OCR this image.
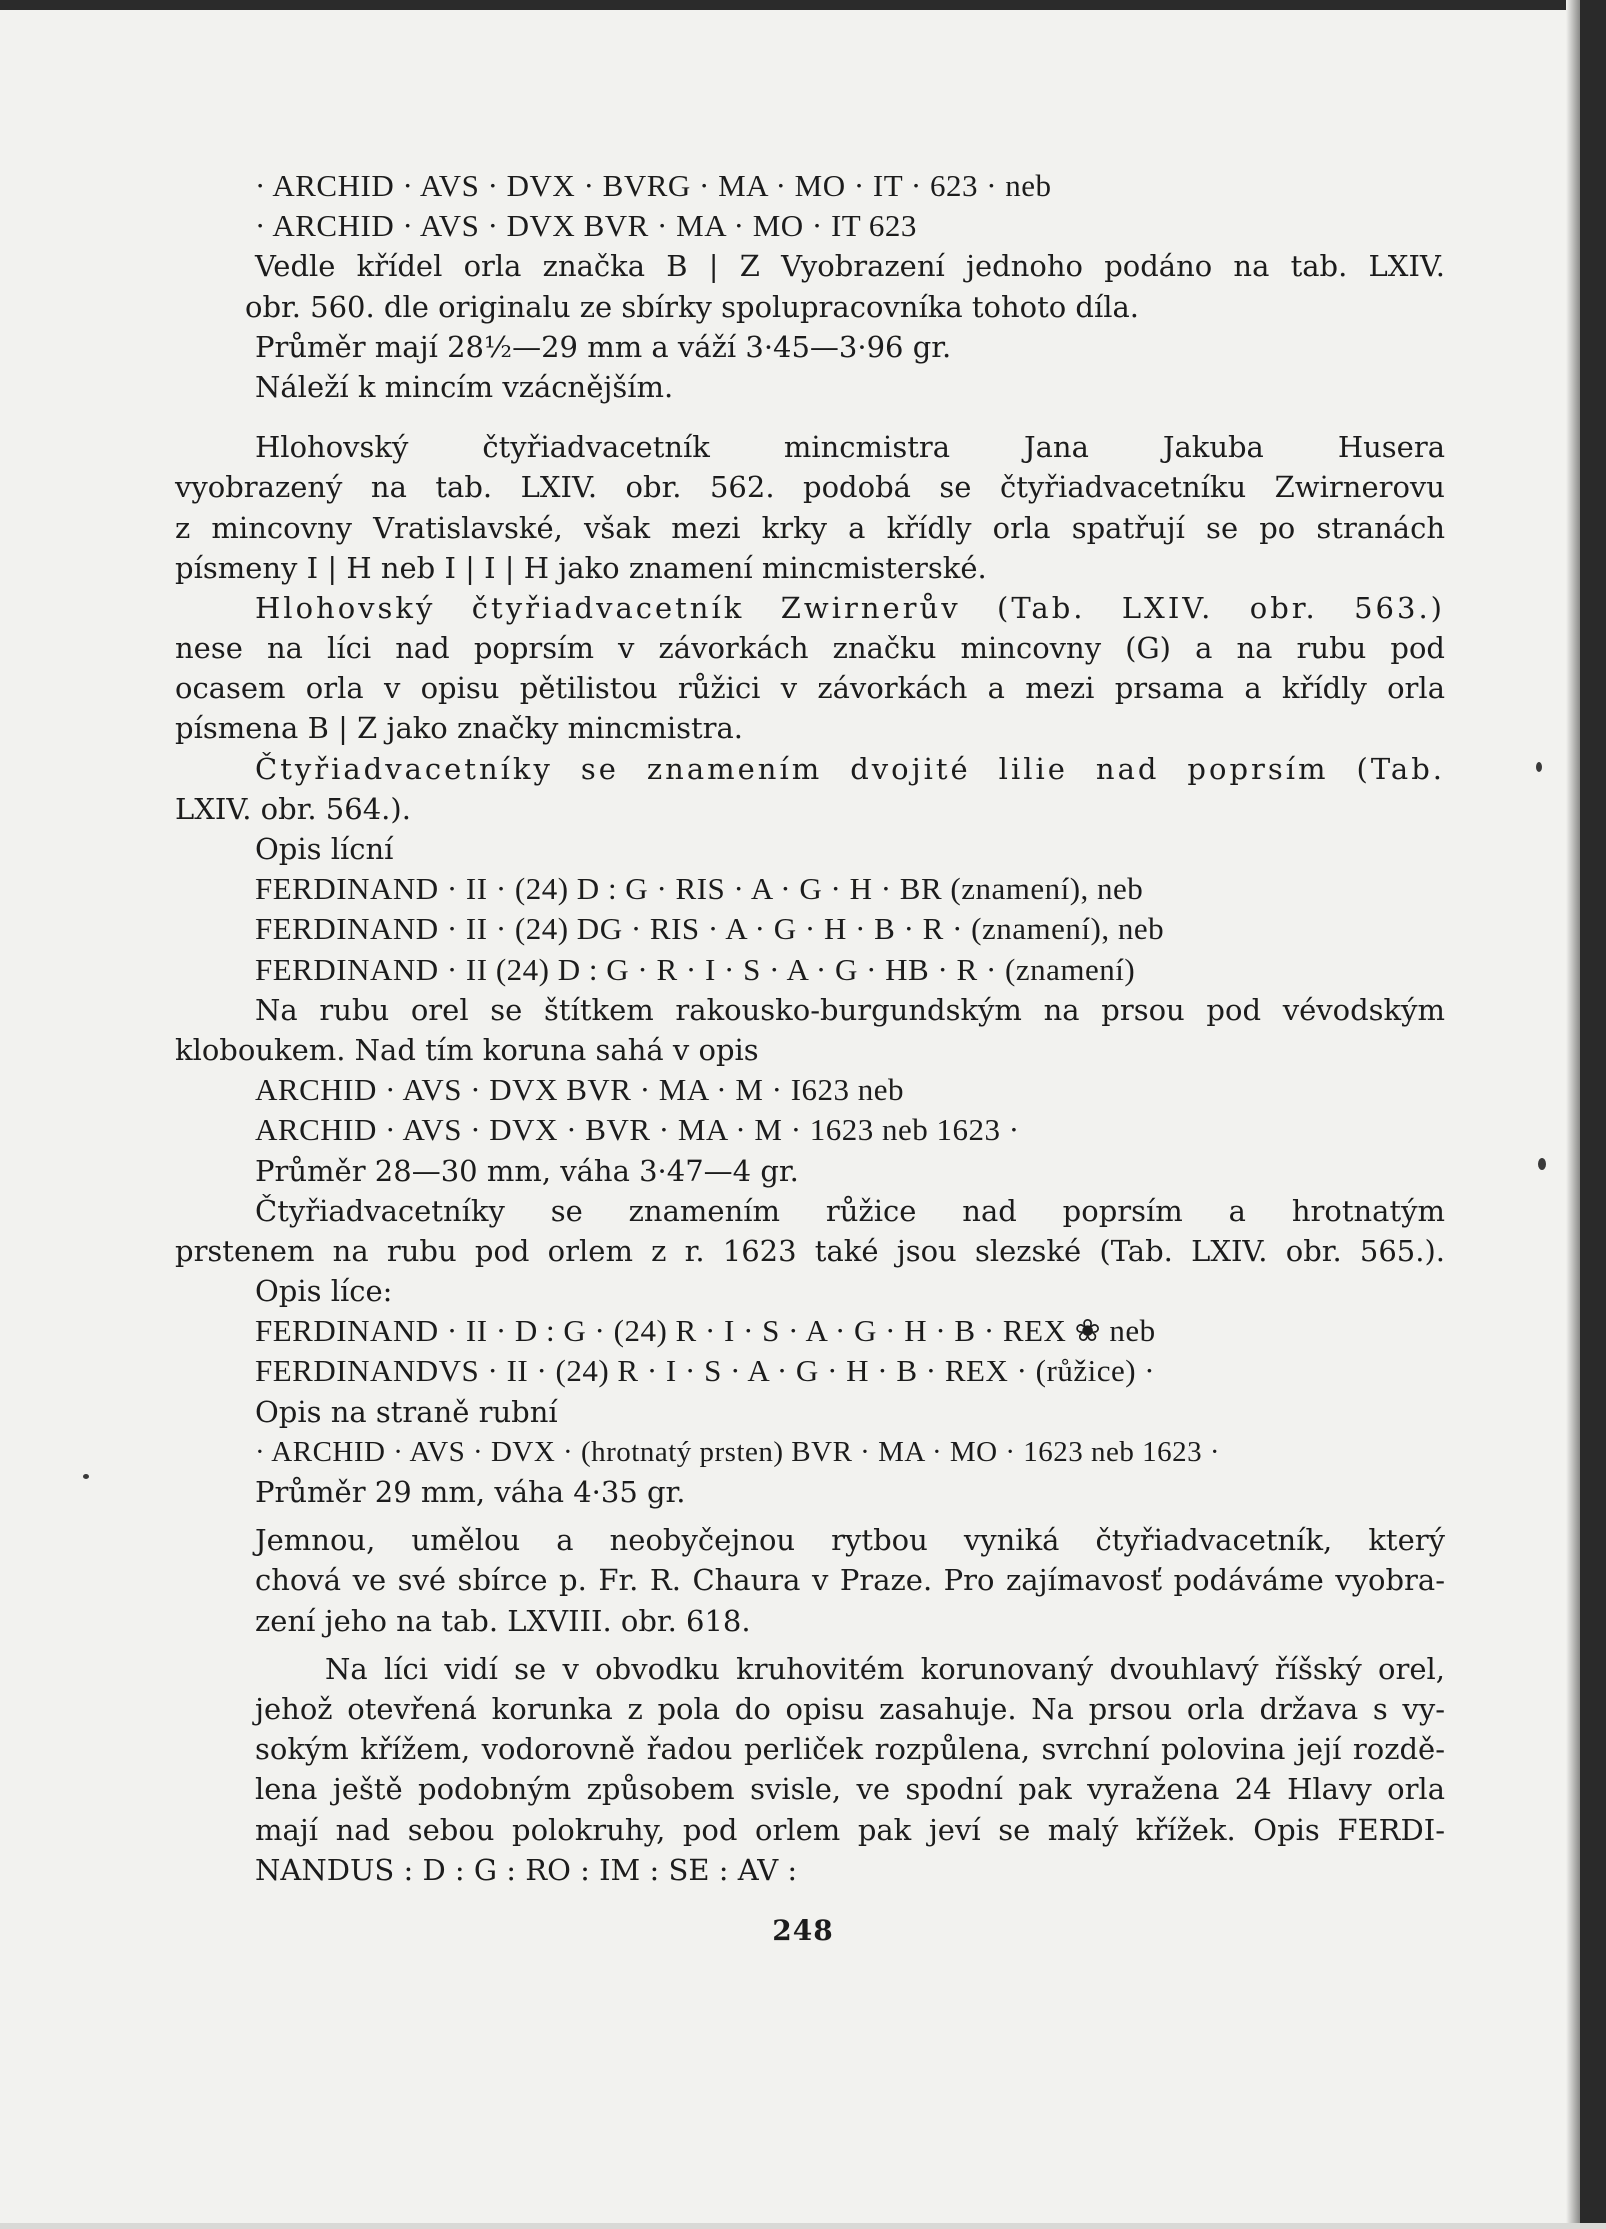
· ARCHID · AVS · DVX · BVRG · MA · MO · IT · 623 · neb
· ARCHID · AVS · DVX BVR · MA · MO · IT 623
Vedle křídel orla značka B | Z Vyobrazení jednoho podáno na tab. LXIV.
obr. 560. dle originalu ze sbírky spolupracovníka tohoto díla.
Průměr mají 28½—29 mm a váží 3·45—3·96 gr.
Náleží k mincím vzácnějším.
Hlohovský čtyřiadvacetník mincmistra Jana Jakuba Husera
vyobrazený na tab. LXIV. obr. 562. podobá se čtyřiadvacetníku Zwirnerovu
z mincovny Vratislavské, však mezi krky a křídly orla spatřují se po stranách
písmeny I | H neb I | I | H jako znamení mincmisterské.
Hlohovský čtyřiadvacetník Zwirnerův (Tab. LXIV. obr. 563.)
nese na líci nad poprsím v závorkách značku mincovny (G) a na rubu pod
ocasem orla v opisu pětilistou růžici v závorkách a mezi prsama a křídly orla
písmena B | Z jako značky mincmistra.
Čtyřiadvacetníky se znamením dvojité lilie nad poprsím (Tab.
LXIV. obr. 564.).
Opis lícní
FERDINAND · II · (24) D : G · RIS · A · G · H · BR (znamení), neb
FERDINAND · II · (24) DG · RIS · A · G · H · B · R · (znamení), neb
FERDINAND · II (24) D : G · R · I · S · A · G · HB · R · (znamení)
Na rubu orel se štítkem rakousko-burgundským na prsou pod vévodským
kloboukem. Nad tím koruna sahá v opis
ARCHID · AVS · DVX BVR · MA · M · I623 neb
ARCHID · AVS · DVX · BVR · MA · M · 1623 neb 1623 ·
Průměr 28—30 mm, váha 3·47—4 gr.
Čtyřiadvacetníky se znamením růžice nad poprsím a hrotnatým
prstenem na rubu pod orlem z r. 1623 také jsou slezské (Tab. LXIV. obr. 565.).
Opis líce:
FERDINAND · II · D : G · (24) R · I · S · A · G · H · B · REX ❀ neb
FERDINANDVS · II · (24) R · I · S · A · G · H · B · REX · (růžice) ·
Opis na straně rubní
· ARCHID · AVS · DVX · (hrotnatý prsten) BVR · MA · MO · 1623 neb 1623 ·
Průměr 29 mm, váha 4·35 gr.
Jemnou, umělou a neobyčejnou rytbou vyniká čtyřiadvacetník, který
chová ve své sbírce p. Fr. R. Chaura v Praze. Pro zajímavosť podáváme vyobra-
zení jeho na tab. LXVIII. obr. 618.
Na líci vidí se v obvodku kruhovitém korunovaný dvouhlavý říšský orel,
jehož otevřená korunka z pola do opisu zasahuje. Na prsou orla država s vy-
sokým křížem, vodorovně řadou perliček rozpůlena, svrchní polovina její rozdě-
lena ještě podobným způsobem svisle, ve spodní pak vyražena 24 Hlavy orla
mají nad sebou polokruhy, pod orlem pak jeví se malý křížek. Opis FERDI-
NANDUS : D : G : RO : IM : SE : AV :
248
